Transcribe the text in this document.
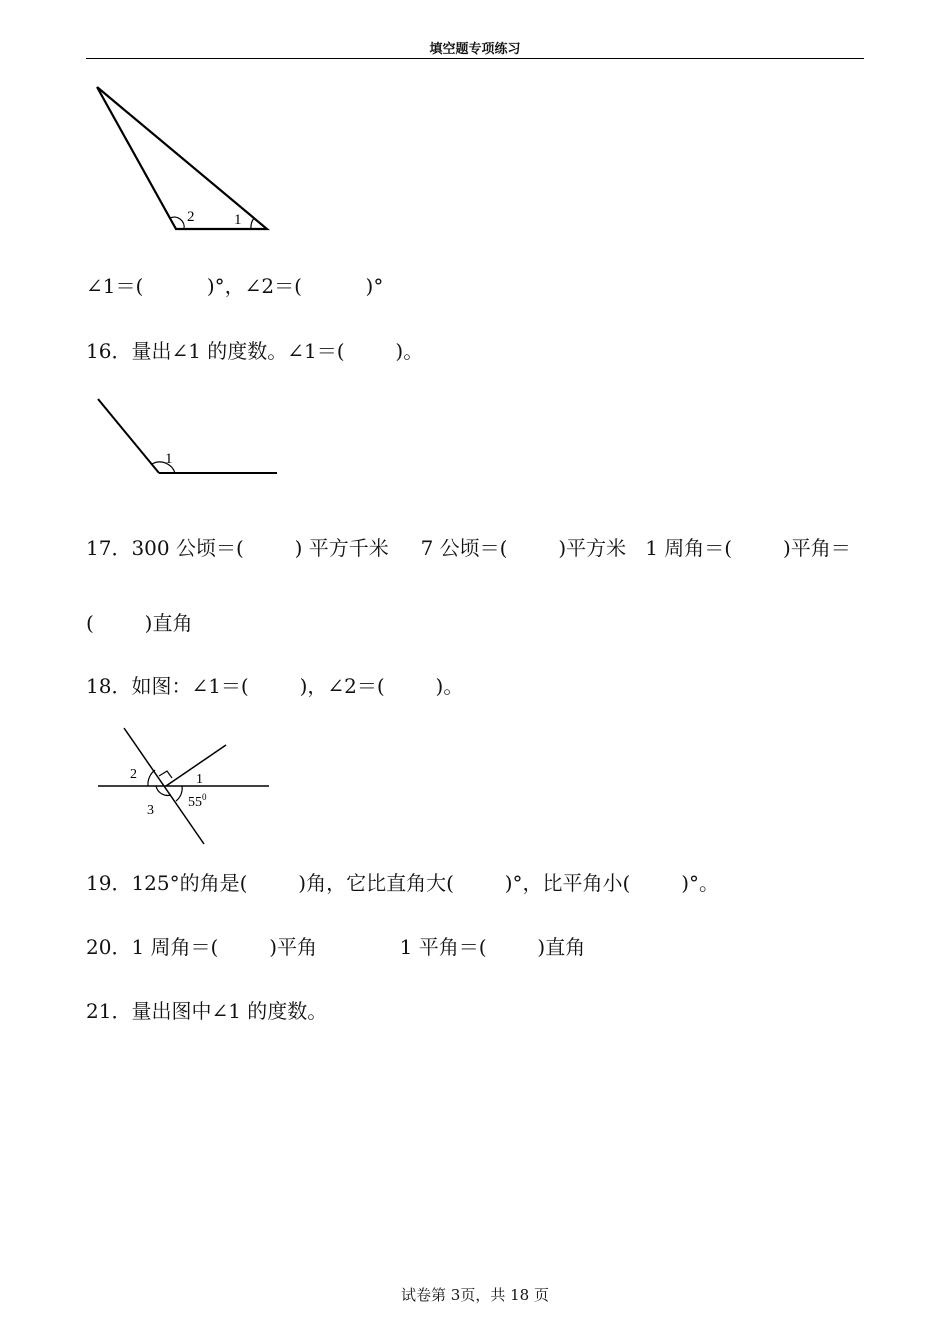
填空题专项练习
2	1
∠1＝(          )°，∠2＝(          )°
16．量出∠1 的度数。∠1＝(        )。
1
17．300 公顷＝(        ) 平方千米     7 公顷＝(        )平方米   1 周角＝(        )平角＝
(        )直角
18．如图：∠1＝(        )，∠2＝(        )。
2	1
3
$55^0$
19．125°的角是(        )角，它比直角大(        )°，比平角小(        )°。
20．1 周角＝(        )平角             1 平角＝(        )直角
21．量出图中∠1 的度数。
试卷第 3页，共 18 页
